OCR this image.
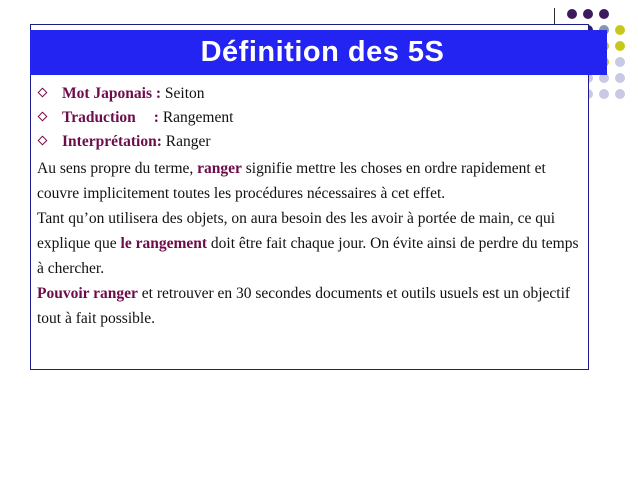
Définition des 5S
Mot Japonais : Seiton
Traduction : Rangement
Interprétation: Ranger

Au sens propre du terme, ranger signifie mettre les choses en ordre rapidement et couvre implicitement toutes les procédures nécessaires à cet effet.

Tant qu’on utilisera des objets, on aura besoin des les avoir à portée de main, ce qui explique que le rangement doit être fait chaque jour. On évite ainsi de perdre du temps à chercher.

Pouvoir ranger et retrouver en 30 secondes documents et outils usuels est un objectif tout à fait possible.
